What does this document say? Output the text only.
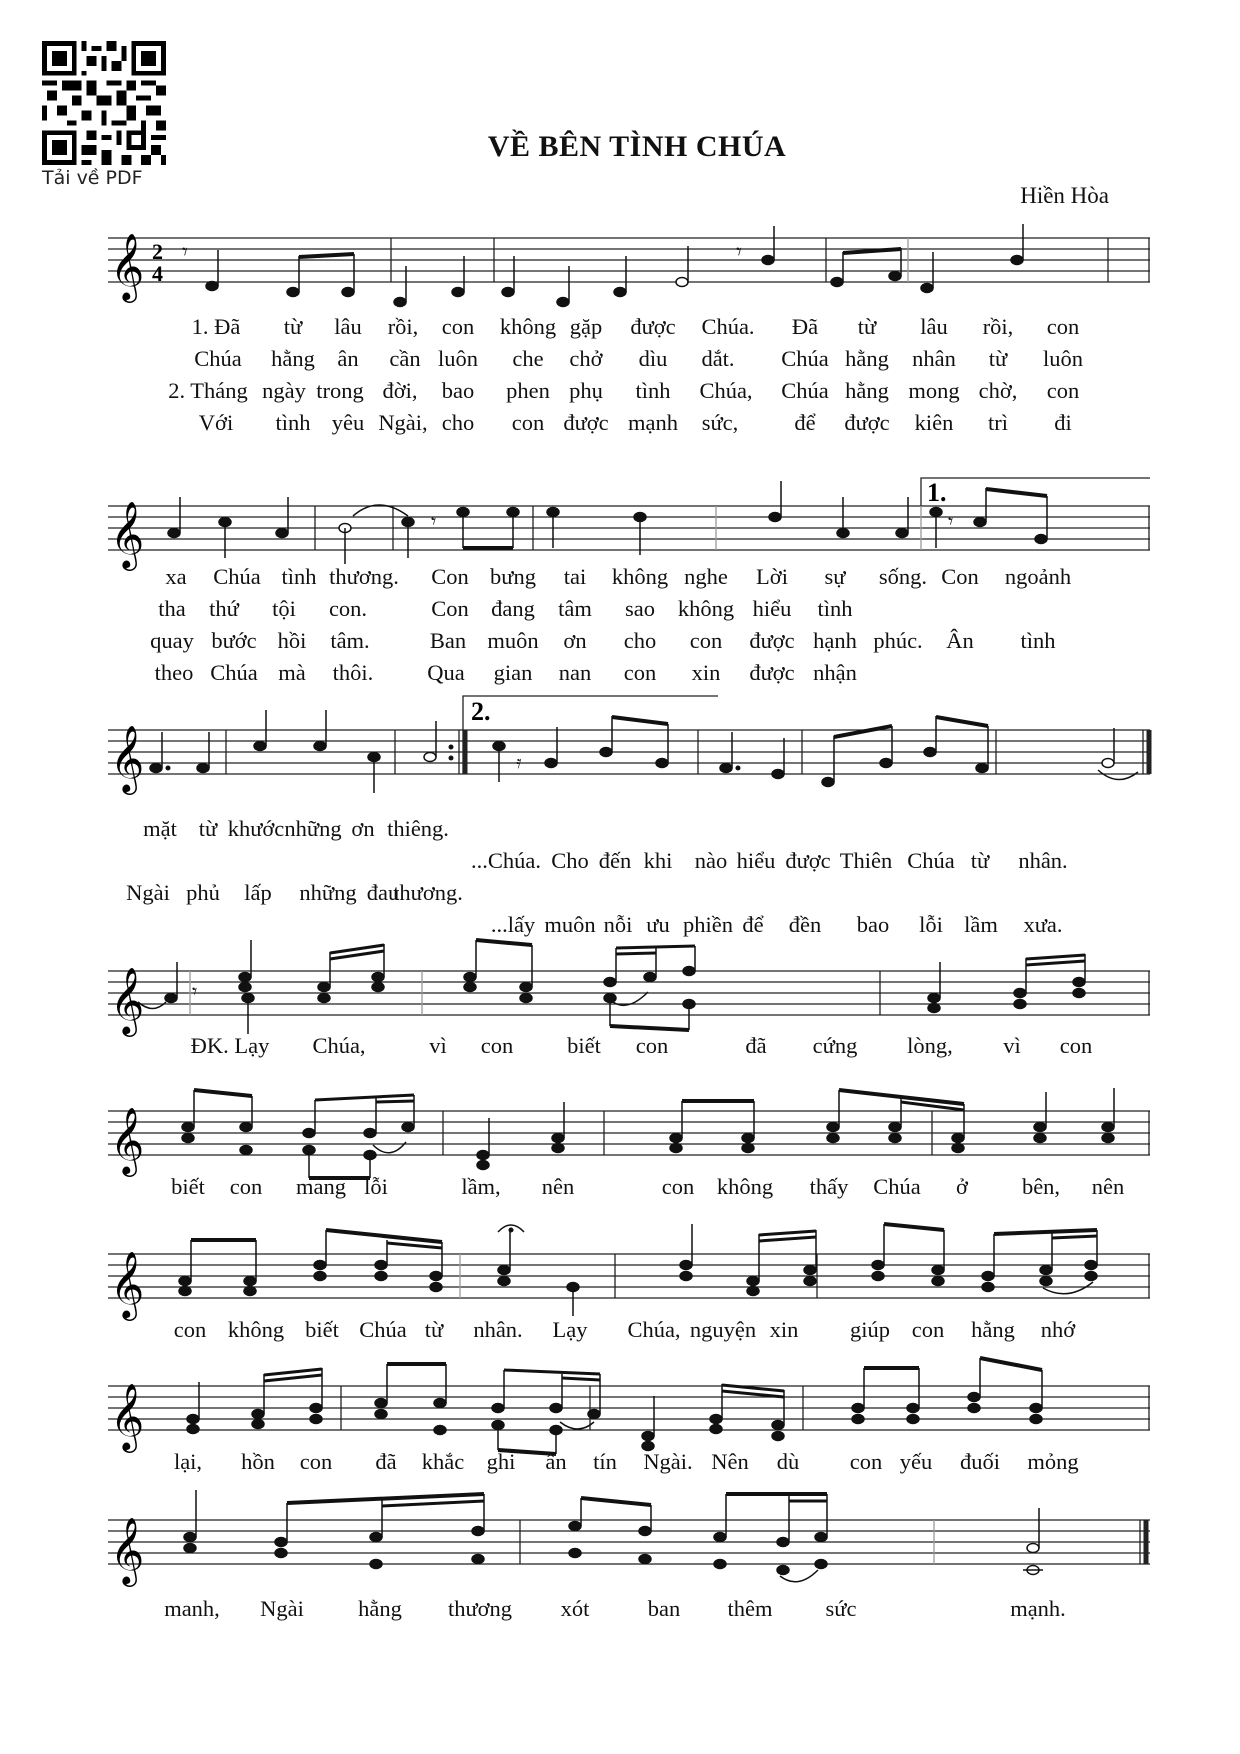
Tải về PDF
VỀ BÊN TÌNH CHÚA
Hiền Hòa
𝄞 2
4
𝄾	𝄾
1. Đã từ lâu rồi, con không gặp được Chúa. Đã từ lâu rồi, con
Chúa hằng ân cần luôn che chở dìu dắt. Chúa hằng nhân từ luôn
2. Tháng ngày trong đời, bao phen phụ tình Chúa, Chúa hằng mong chờ, con
Với tình yêu Ngài, cho con được mạnh sức, để được kiên trì đi
1.
𝄞	𝄾	𝄾
xa Chúa tình thương. Con bưng tai không nghe Lời sự sống. Con ngoảnh
tha thứ tội con.	Con đang tâm sao không hiểu tình
quay bước hồi tâm.	Ban muôn ơn cho con được hạnh phúc. Ân tình
theo Chúa mà thôi. Qua gian nan con xin được nhận
2.
𝄞	𝄿
mặt từ khước những ơn thiêng.
...Chúa. Cho đến khi nào hiểu được Thiên Chúa từ nhân.
Ngài phủ lấp những đau
thương.
...lấy muôn nỗi ưu phiền để đền bao lỗi lầm xưa.
𝄞 𝄾
ĐK. Lạy Chúa,	vì con biết con	đã cứng lòng, vì con
𝄞
biết con mang lỗi	lầm, nên	con không thấy Chúa ở bên, nên
𝄞
con không biết Chúa từ nhân. Lạy Chúa, nguyện xin giúp con hằng nhớ
𝄞
lại, hồn con đã khắc ghi ấn tín Ngài. Nên dù con yếu đuối mỏng
𝄞
manh, Ngài hằng thương xót	ban thêm sức	mạnh.
